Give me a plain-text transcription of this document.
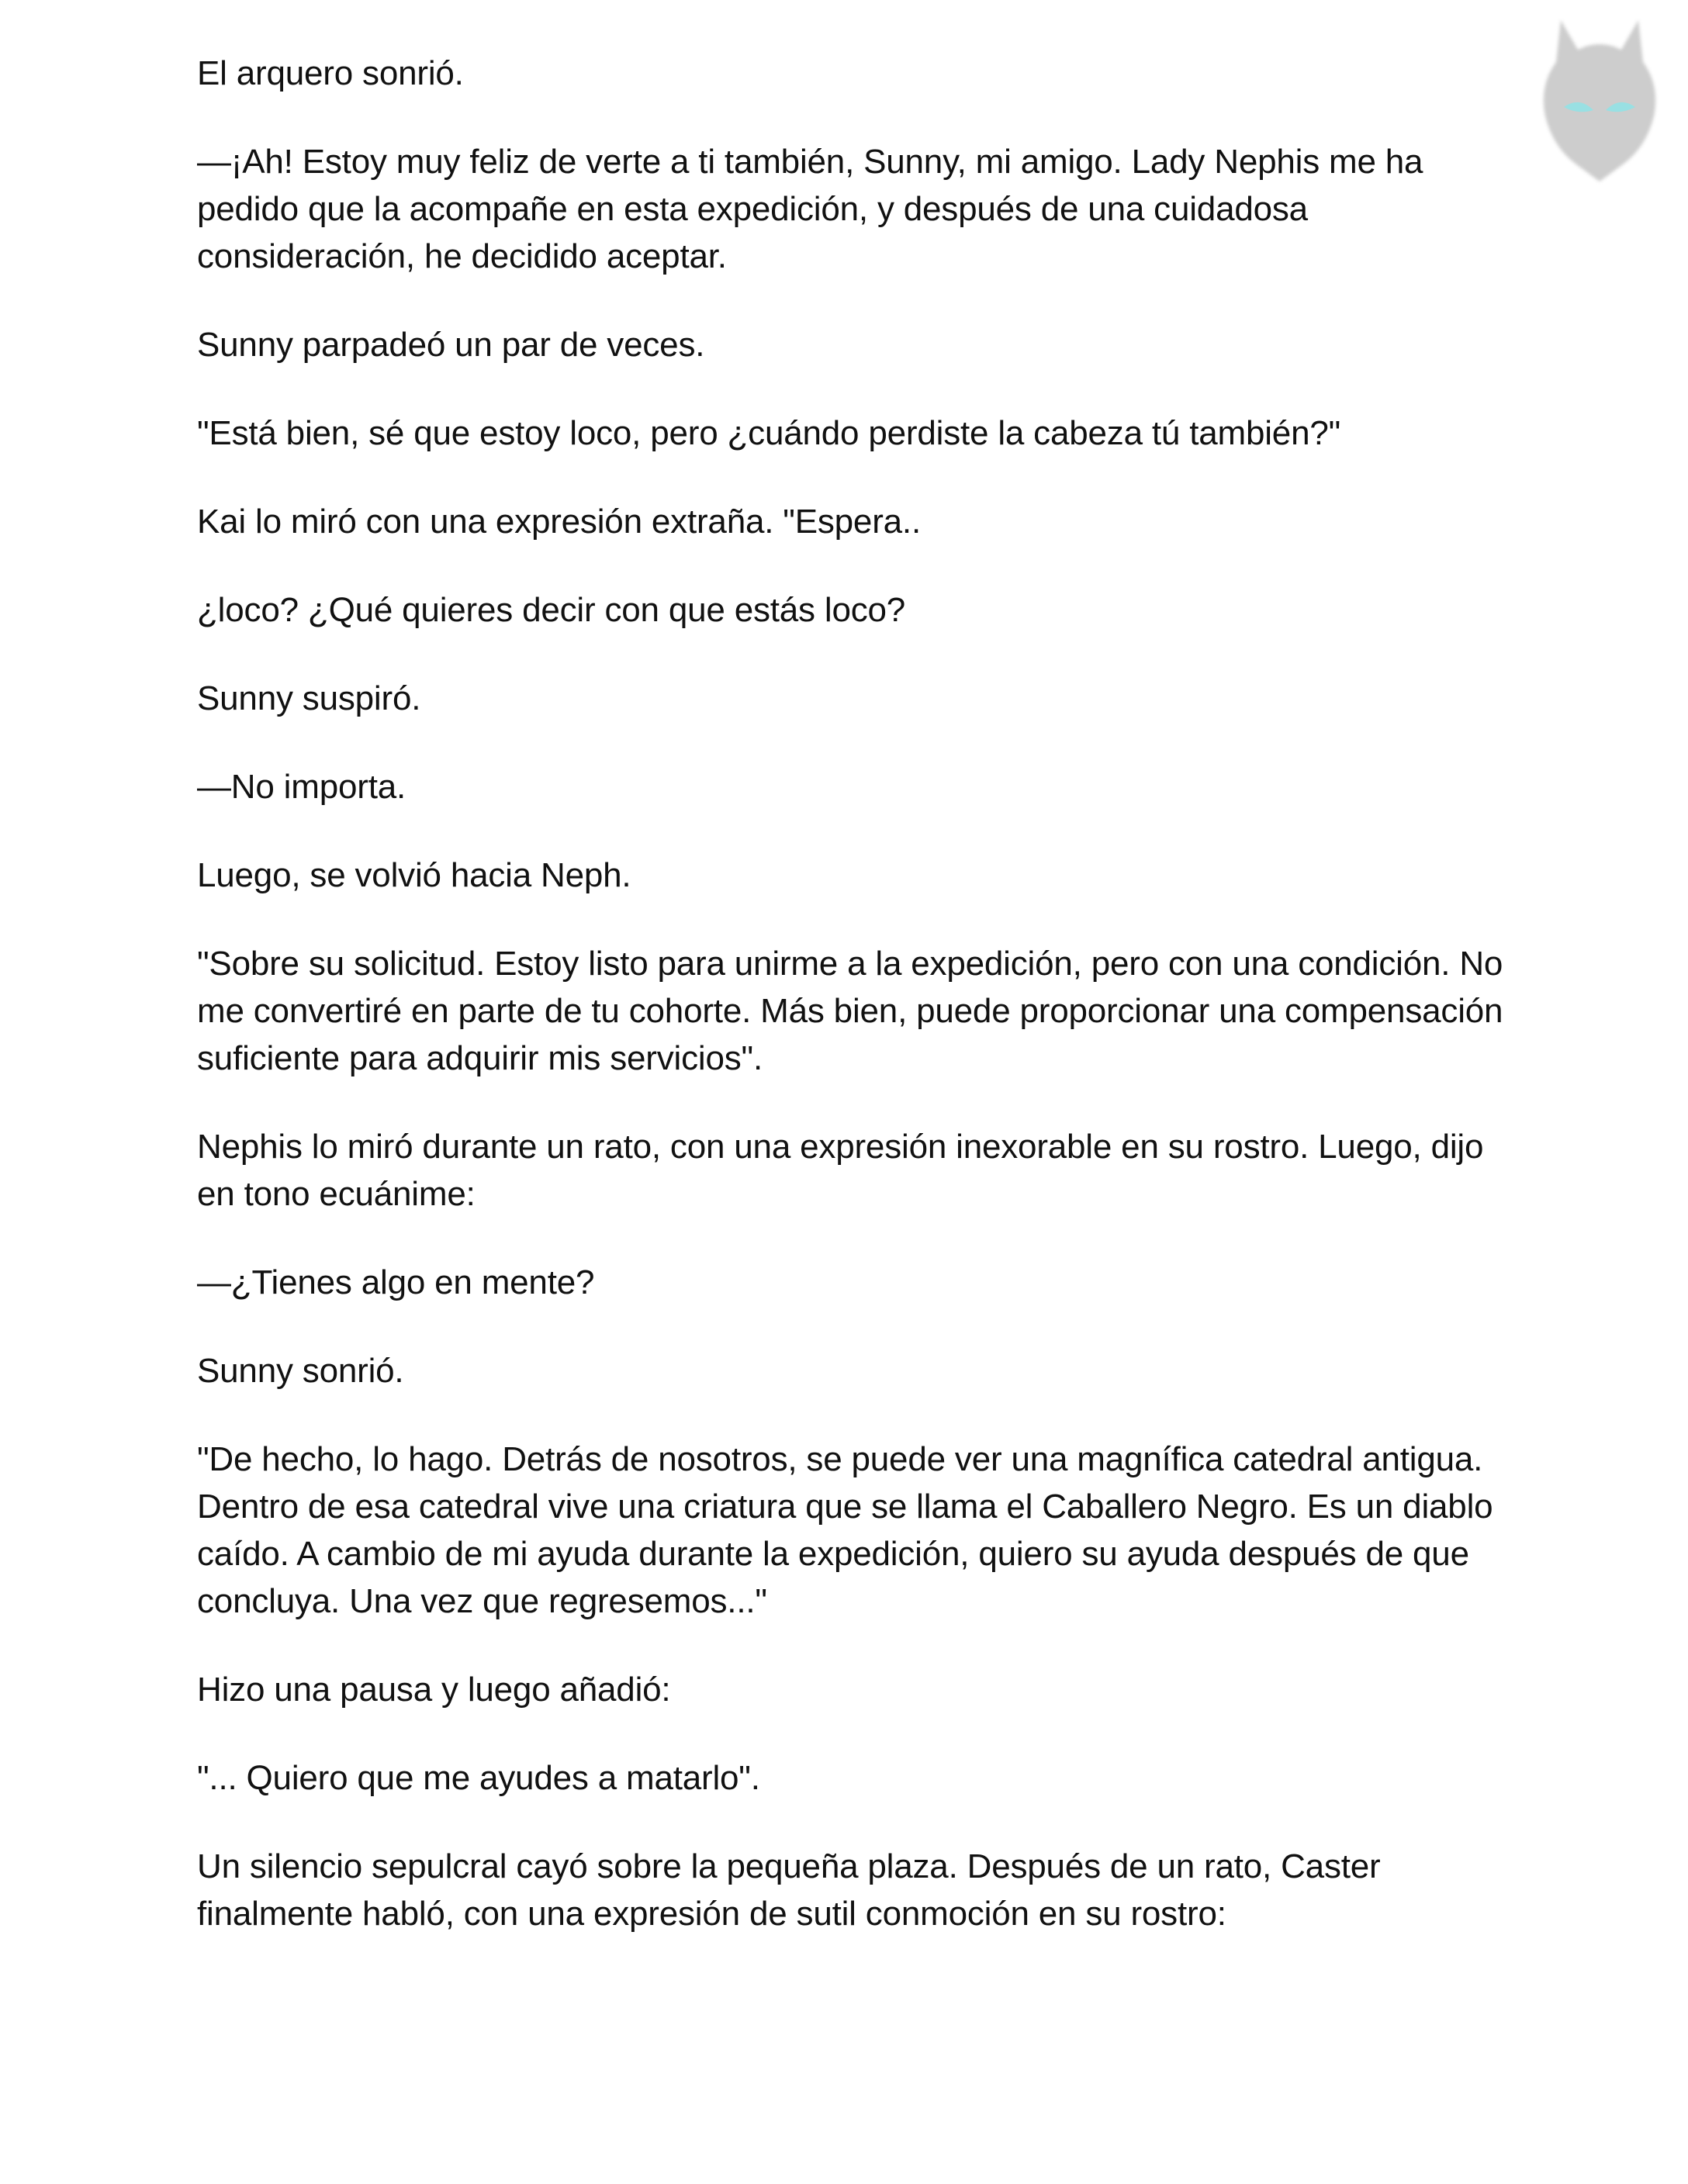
El arquero sonrió.

—¡Ah! Estoy muy feliz de verte a ti también, Sunny, mi amigo. Lady Nephis me ha pedido que la acompañe en esta expedición, y después de una cuidadosa consideración, he decidido aceptar.

Sunny parpadeó un par de veces.

"Está bien, sé que estoy loco, pero ¿cuándo perdiste la cabeza tú también?"

Kai lo miró con una expresión extraña. "Espera..

¿loco? ¿Qué quieres decir con que estás loco?

Sunny suspiró.

—No importa.

Luego, se volvió hacia Neph.

"Sobre su solicitud. Estoy listo para unirme a la expedición, pero con una condición. No me convertiré en parte de tu cohorte. Más bien, puede proporcionar una compensación suficiente para adquirir mis servicios".

Nephis lo miró durante un rato, con una expresión inexorable en su rostro. Luego, dijo en tono ecuánime:

—¿Tienes algo en mente?

Sunny sonrió.

"De hecho, lo hago. Detrás de nosotros, se puede ver una magnífica catedral antigua. Dentro de esa catedral vive una criatura que se llama el Caballero Negro. Es un diablo caído. A cambio de mi ayuda durante la expedición, quiero su ayuda después de que concluya. Una vez que regresemos..."

Hizo una pausa y luego añadió:

"... Quiero que me ayudes a matarlo".

Un silencio sepulcral cayó sobre la pequeña plaza. Después de un rato, Caster finalmente habló, con una expresión de sutil conmoción en su rostro:
